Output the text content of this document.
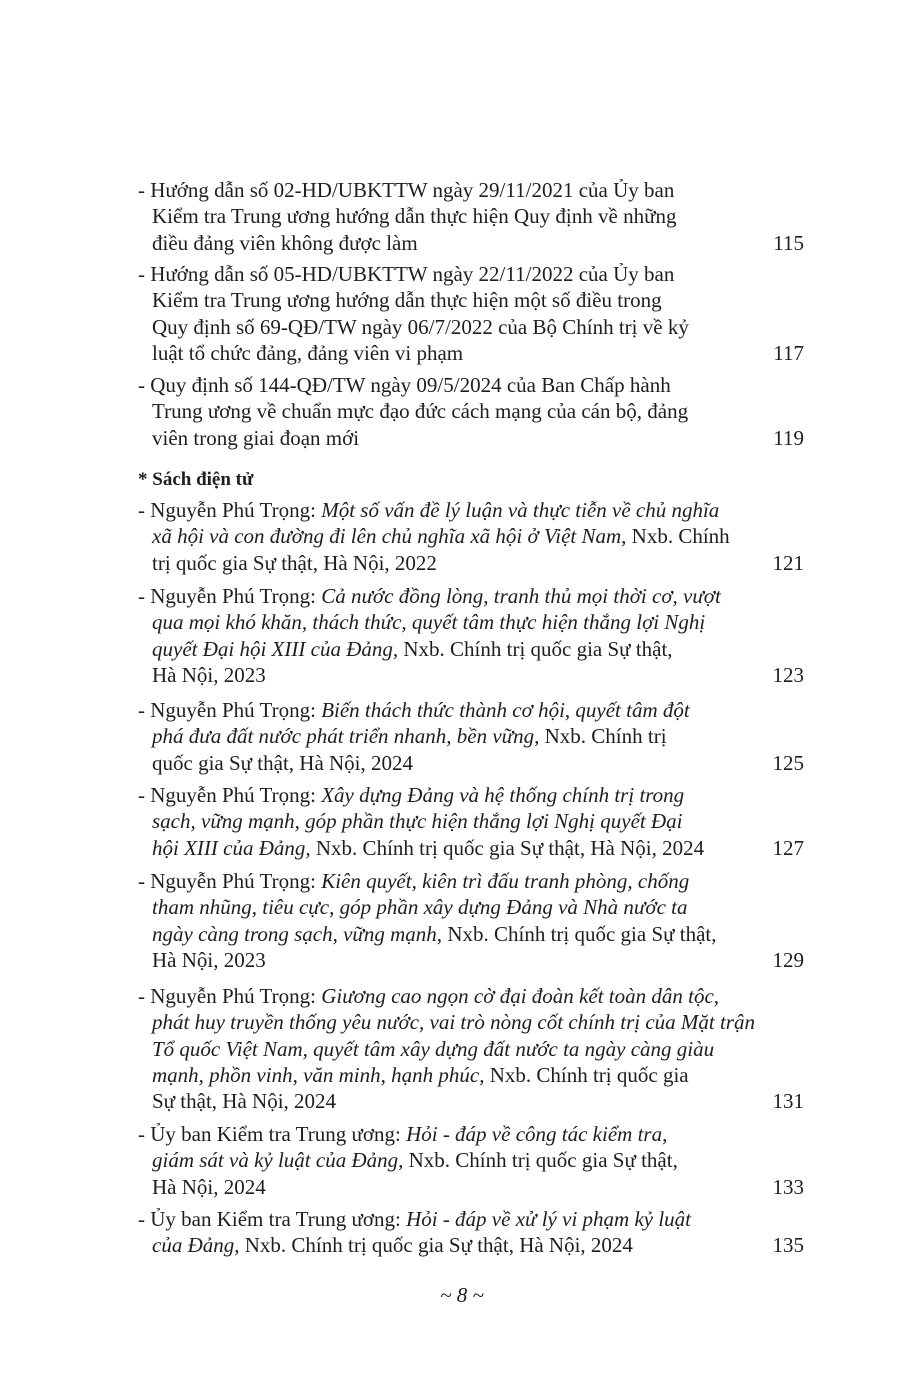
- Hướng dẫn số 02-HD/UBKTTW ngày 29/11/2021 của Ủy ban
Kiểm tra Trung ương hướng dẫn thực hiện Quy định về những
điều đảng viên không được làm	115
- Hướng dẫn số 05-HD/UBKTTW ngày 22/11/2022 của Ủy ban
Kiểm tra Trung ương hướng dẫn thực hiện một số điều trong
Quy định số 69-QĐ/TW ngày 06/7/2022 của Bộ Chính trị về kỷ
luật tổ chức đảng, đảng viên vi phạm	117
- Quy định số 144-QĐ/TW ngày 09/5/2024 của Ban Chấp hành
Trung ương về chuẩn mực đạo đức cách mạng của cán bộ, đảng
viên trong giai đoạn mới	119
* Sách điện tử
- Nguyễn Phú Trọng: Một số vấn đề lý luận và thực tiễn về chủ nghĩa
xã hội và con đường đi lên chủ nghĩa xã hội ở Việt Nam, Nxb. Chính
trị quốc gia Sự thật, Hà Nội, 2022	121
- Nguyễn Phú Trọng: Cả nước đồng lòng, tranh thủ mọi thời cơ, vượt
qua mọi khó khăn, thách thức, quyết tâm thực hiện thắng lợi Nghị
quyết Đại hội XIII của Đảng, Nxb. Chính trị quốc gia Sự thật,
Hà Nội, 2023	123
- Nguyễn Phú Trọng: Biến thách thức thành cơ hội, quyết tâm đột
phá đưa đất nước phát triển nhanh, bền vững, Nxb. Chính trị
quốc gia Sự thật, Hà Nội, 2024	125
- Nguyễn Phú Trọng: Xây dựng Đảng và hệ thống chính trị trong
sạch, vững mạnh, góp phần thực hiện thắng lợi Nghị quyết Đại
hội XIII của Đảng, Nxb. Chính trị quốc gia Sự thật, Hà Nội, 2024	127
- Nguyễn Phú Trọng: Kiên quyết, kiên trì đấu tranh phòng, chống
tham nhũng, tiêu cực, góp phần xây dựng Đảng và Nhà nước ta
ngày càng trong sạch, vững mạnh, Nxb. Chính trị quốc gia Sự thật,
Hà Nội, 2023	129
- Nguyễn Phú Trọng: Giương cao ngọn cờ đại đoàn kết toàn dân tộc,
phát huy truyền thống yêu nước, vai trò nòng cốt chính trị của Mặt trận
Tổ quốc Việt Nam, quyết tâm xây dựng đất nước ta ngày càng giàu
mạnh, phồn vinh, văn minh, hạnh phúc, Nxb. Chính trị quốc gia
Sự thật, Hà Nội, 2024	131
- Ủy ban Kiểm tra Trung ương: Hỏi - đáp về công tác kiểm tra,
giám sát và kỷ luật của Đảng, Nxb. Chính trị quốc gia Sự thật,
Hà Nội, 2024	133
- Ủy ban Kiểm tra Trung ương: Hỏi - đáp về xử lý vi phạm kỷ luật
của Đảng, Nxb. Chính trị quốc gia Sự thật, Hà Nội, 2024	135
~ 8 ~
